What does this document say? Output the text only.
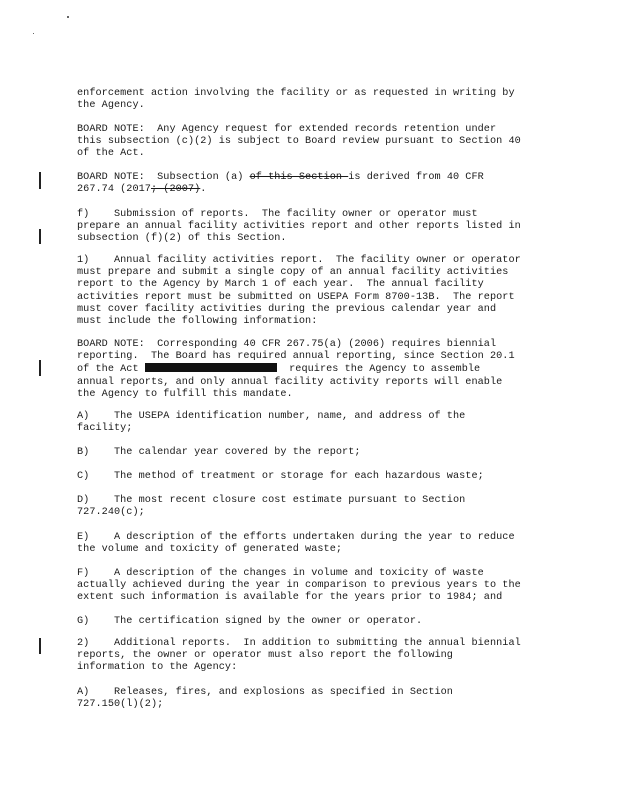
enforcement action involving the facility or as requested in writing by
the Agency.
BOARD NOTE:  Any Agency request for extended records retention under
this subsection (c)(2) is subject to Board review pursuant to Section 40
of the Act.
BOARD NOTE:  Subsection (a) of this Section is derived from 40 CFR
267.74 (2017; (2007).
f)    Submission of reports.  The facility owner or operator must
prepare an annual facility activities report and other reports listed in
subsection (f)(2) of this Section.
1)    Annual facility activities report.  The facility owner or operator
must prepare and submit a single copy of an annual facility activities
report to the Agency by March 1 of each year.  The annual facility
activities report must be submitted on USEPA Form 8700-13B.  The report
must cover facility activities during the previous calendar year and
must include the following information:
BOARD NOTE:  Corresponding 40 CFR 267.75(a) (2006) requires biennial
reporting.  The Board has required annual reporting, since Section 20.1
of the Act	requires the Agency to assemble
annual reports, and only annual facility activity reports will enable
the Agency to fulfill this mandate.
A)    The USEPA identification number, name, and address of the
facility;
B)    The calendar year covered by the report;
C)    The method of treatment or storage for each hazardous waste;
D)    The most recent closure cost estimate pursuant to Section
727.240(c);
E)    A description of the efforts undertaken during the year to reduce
the volume and toxicity of generated waste;
F)    A description of the changes in volume and toxicity of waste
actually achieved during the year in comparison to previous years to the
extent such information is available for the years prior to 1984; and
G)    The certification signed by the owner or operator.
2)    Additional reports.  In addition to submitting the annual biennial
reports, the owner or operator must also report the following
information to the Agency:
A)    Releases, fires, and explosions as specified in Section
727.150(l)(2);
